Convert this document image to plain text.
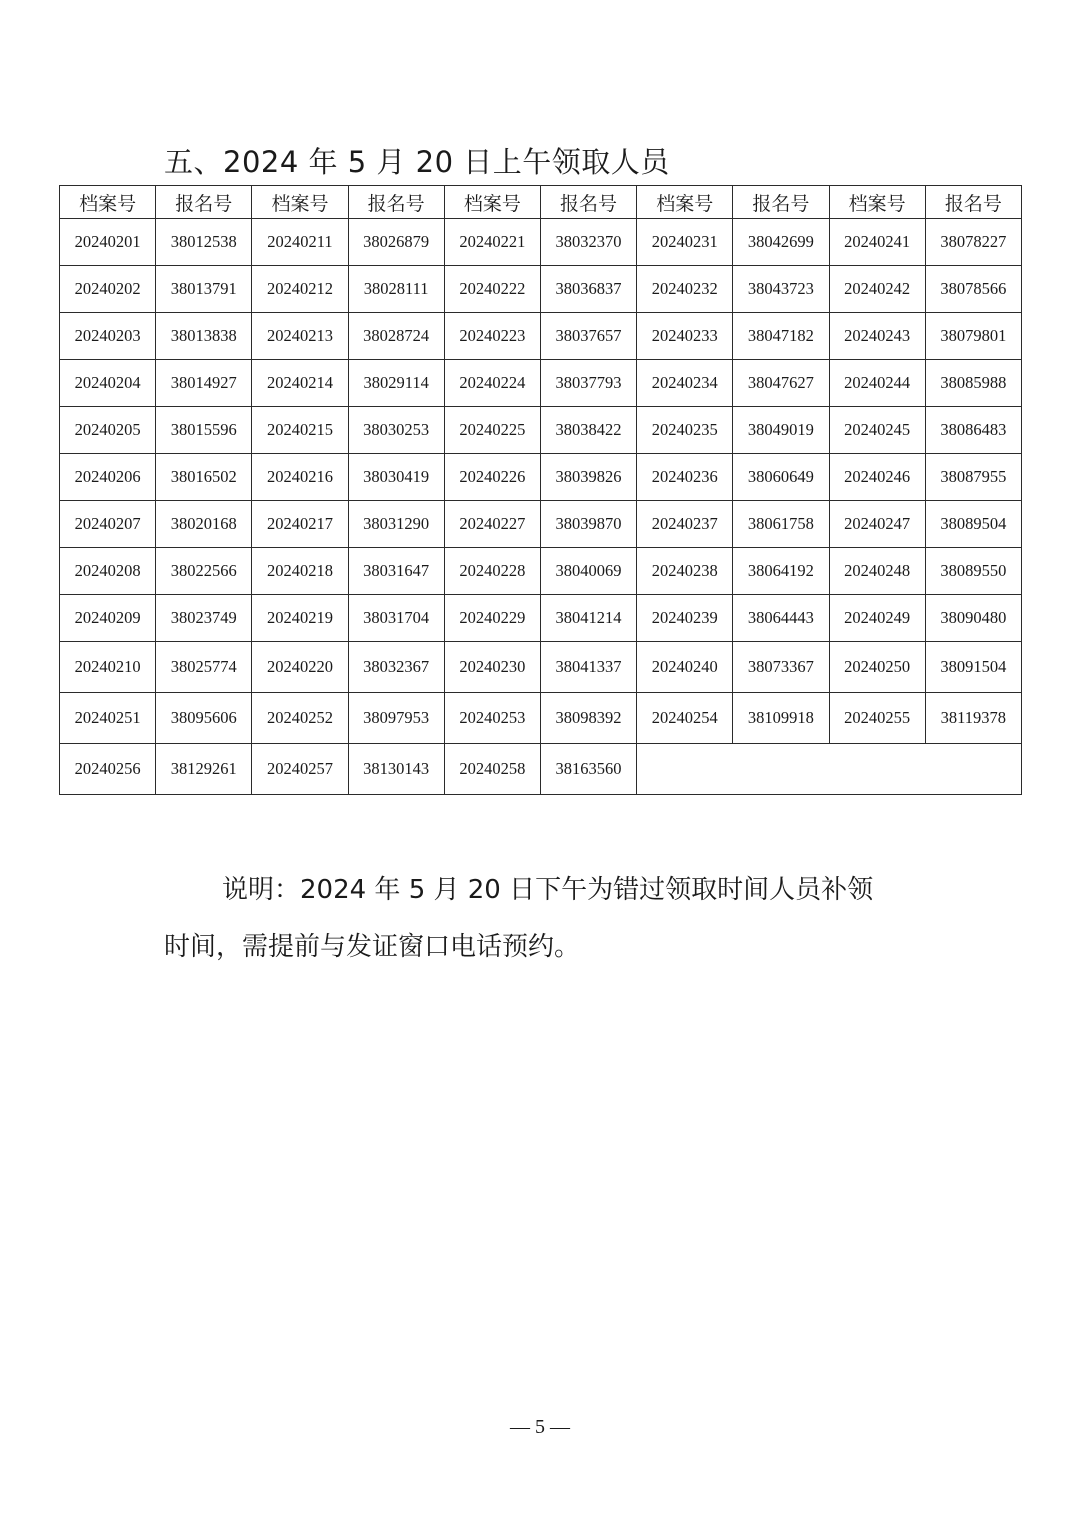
五、2024 年 5 月 20 日上午领取人员
档案号	报名号	档案号	报名号	档案号	报名号	档案号	报名号	档案号	报名号
20240201	38012538	20240211	38026879	20240221	38032370	20240231	38042699	20240241	38078227
20240202	38013791	20240212	38028111	20240222	38036837	20240232	38043723	20240242	38078566
20240203	38013838	20240213	38028724	20240223	38037657	20240233	38047182	20240243	38079801
20240204	38014927	20240214	38029114	20240224	38037793	20240234	38047627	20240244	38085988
20240205	38015596	20240215	38030253	20240225	38038422	20240235	38049019	20240245	38086483
20240206	38016502	20240216	38030419	20240226	38039826	20240236	38060649	20240246	38087955
20240207	38020168	20240217	38031290	20240227	38039870	20240237	38061758	20240247	38089504
20240208	38022566	20240218	38031647	20240228	38040069	20240238	38064192	20240248	38089550
20240209	38023749	20240219	38031704	20240229	38041214	20240239	38064443	20240249	38090480
20240210	38025774	20240220	38032367	20240230	38041337	20240240	38073367	20240250	38091504
20240251	38095606	20240252	38097953	20240253	38098392	20240254	38109918	20240255	38119378
20240256	38129261	20240257	38130143	20240258	38163560				
说明：2024 年 5 月 20 日下午为错过领取时间人员补领
时间，需提前与发证窗口电话预约。
— 5 —
